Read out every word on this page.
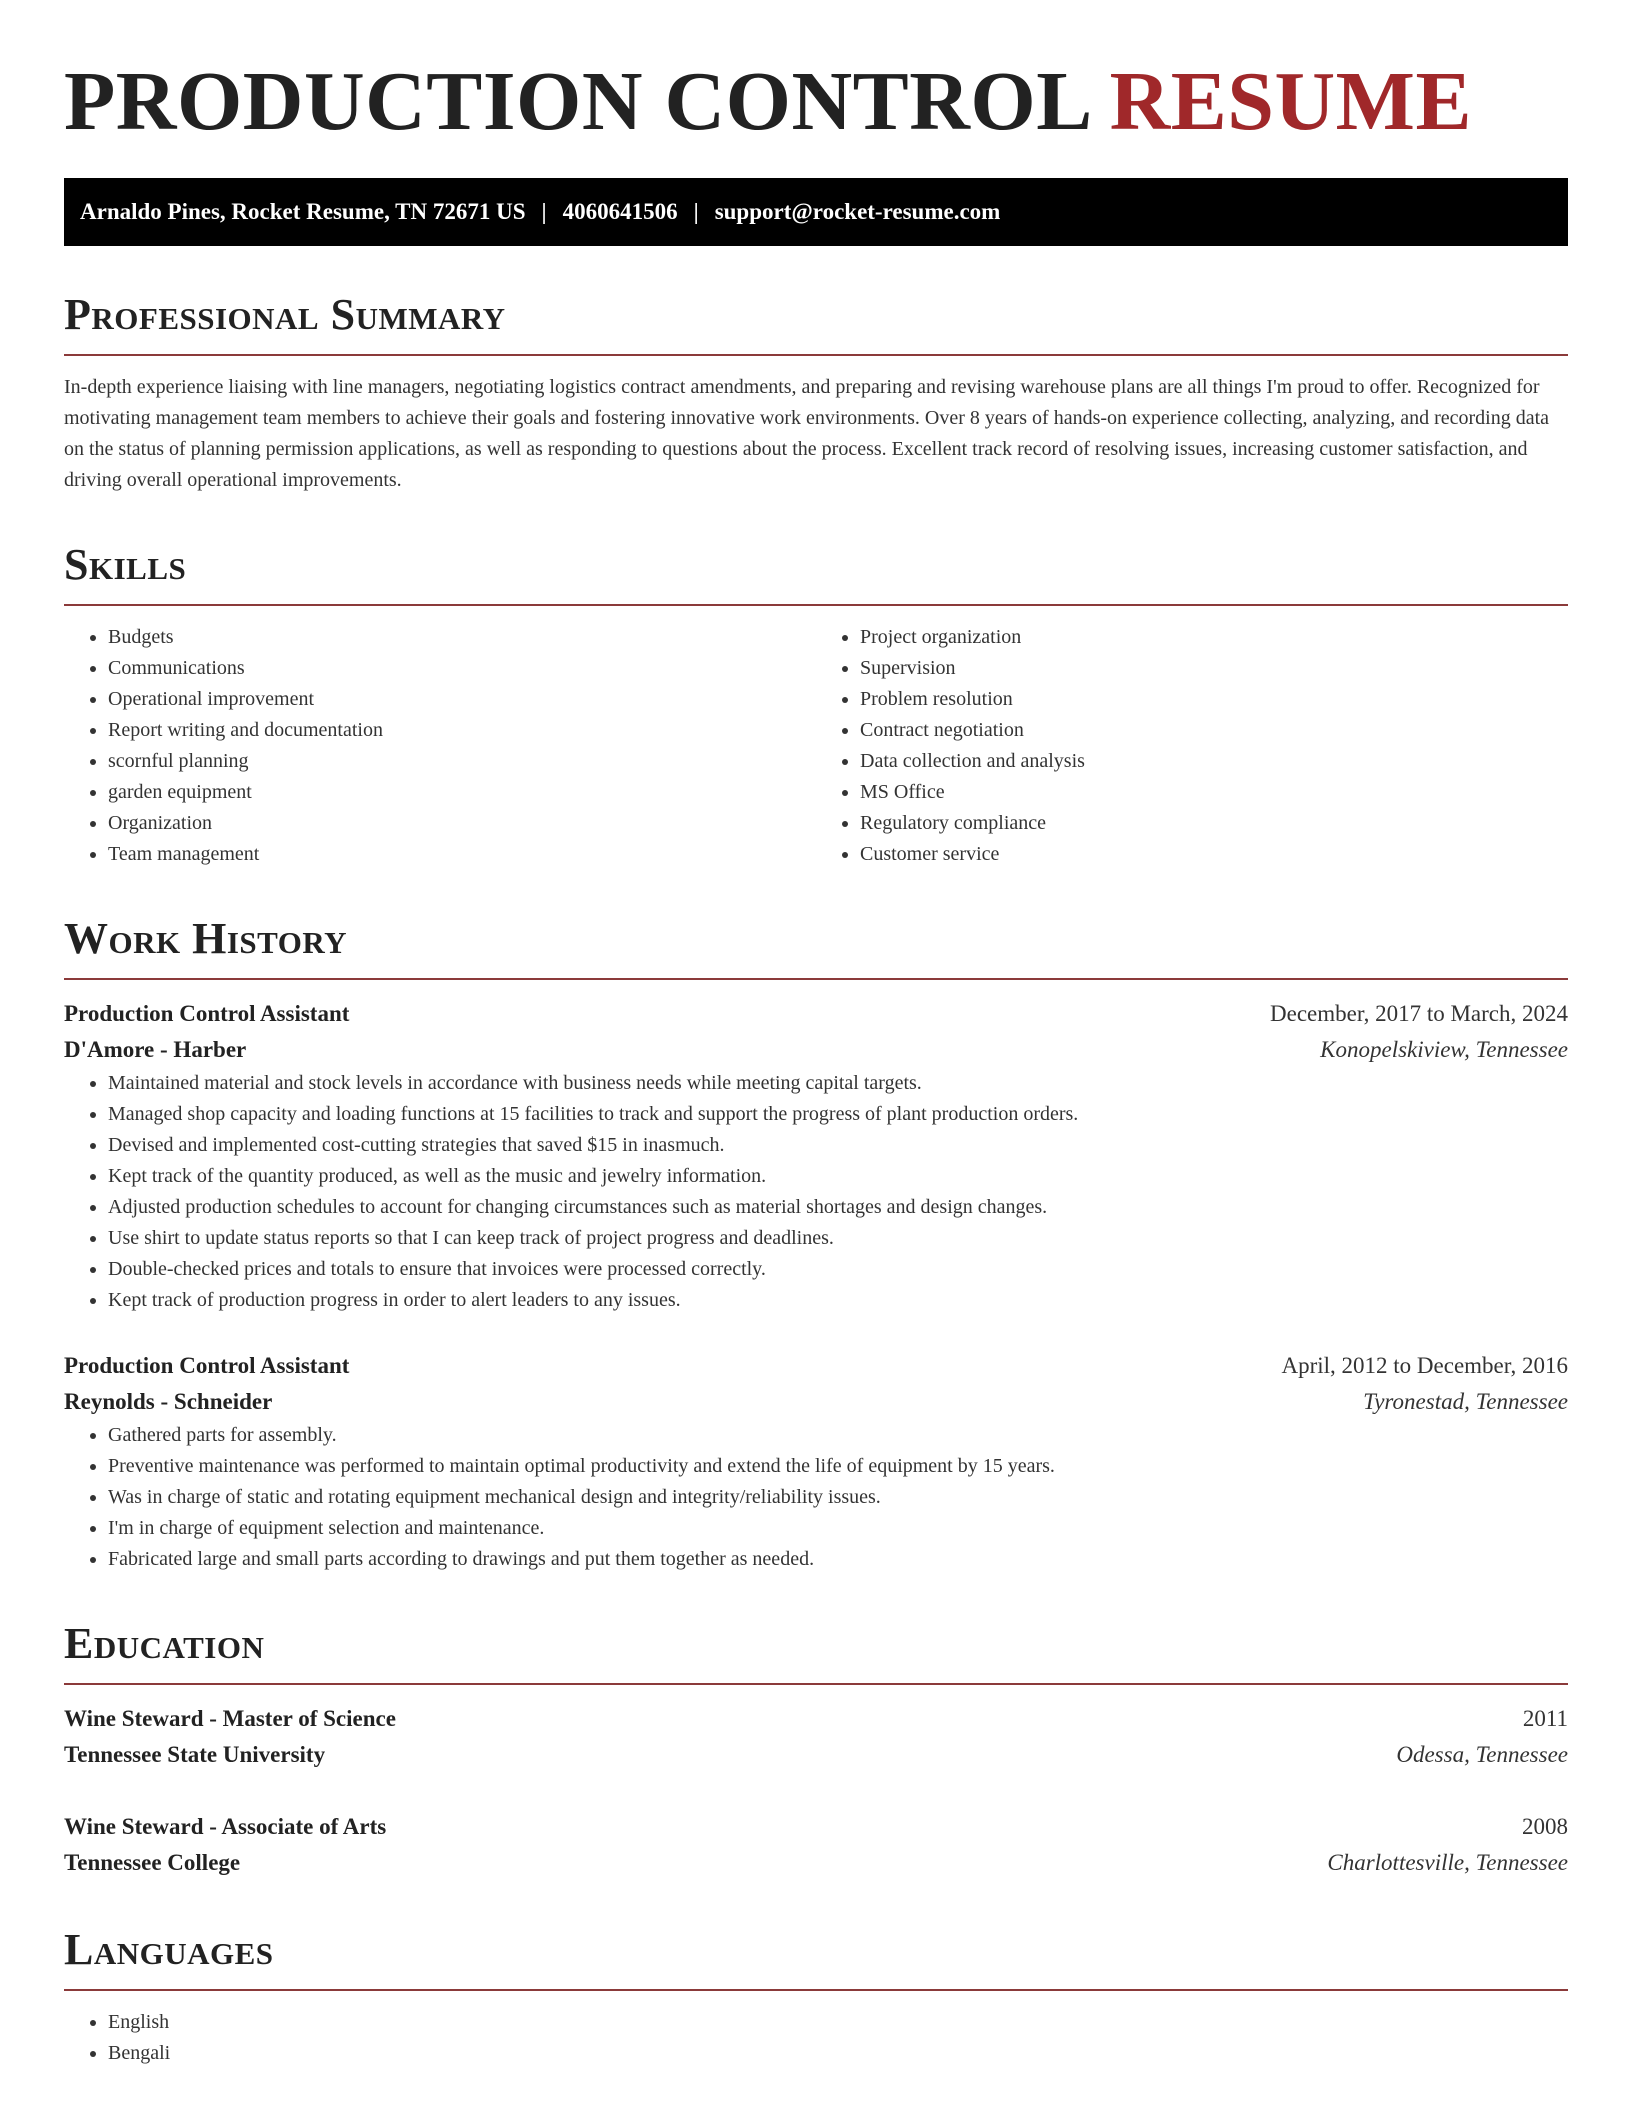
PRODUCTION CONTROL RESUME
Arnaldo Pines, Rocket Resume, TN 72671 US | 4060641506 | support@rocket-resume.com
Professional Summary

In-depth experience liaising with line managers, negotiating logistics contract amendments, and preparing and revising warehouse plans are all things I'm proud to offer. Recognized for motivating management team members to achieve their goals and fostering innovative work environments. Over 8 years of hands-on experience collecting, analyzing, and recording data on the status of planning permission applications, as well as responding to questions about the process. Excellent track record of resolving issues, increasing customer satisfaction, and driving overall operational improvements.

Skills
• Budgets
• Communications
• Operational improvement
• Report writing and documentation
• scornful planning
• garden equipment
• Organization
• Team management
• Project organization
• Supervision
• Problem resolution
• Contract negotiation
• Data collection and analysis
• MS Office
• Regulatory compliance
• Customer service
Work History
Production Control Assistant	December, 2017 to March, 2024
D'Amore - Harber	Konopelskiview, Tennessee
• Maintained material and stock levels in accordance with business needs while meeting capital targets.
• Managed shop capacity and loading functions at 15 facilities to track and support the progress of plant production orders.
• Devised and implemented cost-cutting strategies that saved $15 in inasmuch.
• Kept track of the quantity produced, as well as the music and jewelry information.
• Adjusted production schedules to account for changing circumstances such as material shortages and design changes.
• Use shirt to update status reports so that I can keep track of project progress and deadlines.
• Double-checked prices and totals to ensure that invoices were processed correctly.
• Kept track of production progress in order to alert leaders to any issues.
Production Control Assistant	April, 2012 to December, 2016
Reynolds - Schneider	Tyronestad, Tennessee
• Gathered parts for assembly.
• Preventive maintenance was performed to maintain optimal productivity and extend the life of equipment by 15 years.
• Was in charge of static and rotating equipment mechanical design and integrity/reliability issues.
• I'm in charge of equipment selection and maintenance.
• Fabricated large and small parts according to drawings and put them together as needed.
Education
Wine Steward - Master of Science	2011
Tennessee State University	Odessa, Tennessee
Wine Steward - Associate of Arts	2008
Tennessee College	Charlottesville, Tennessee
Languages
• English
• Bengali
